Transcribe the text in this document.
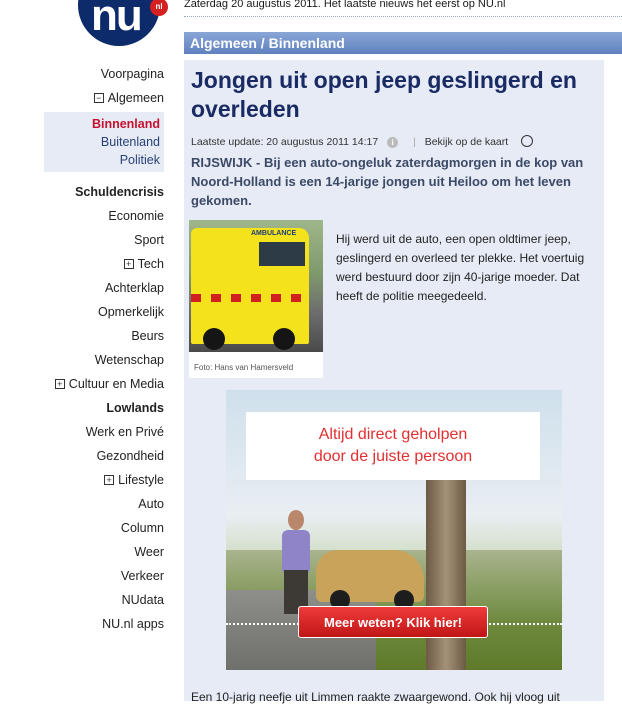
nu	nl	Zaterdag 20 augustus 2011. Het laatste nieuws het eerst op NU.nl
Voorpagina
− Algemeen
Binnenland
Buitenland
Politiek
Schuldencrisis
Economie
Sport
+ Tech
Achterklap
Opmerkelijk
Beurs
Wetenschap
+ Cultuur en Media
Lowlands
Werk en Privé
Gezondheid
+ Lifestyle
Auto
Column
Weer
Verkeer
NUdata
NU.nl apps
Algemeen / Binnenland
Jongen uit open jeep geslingerd en overleden
Laatste update: 20 augustus 2011 14:17 i | Bekijk op de kaart
RIJSWIJK - Bij een auto-ongeluk zaterdagmorgen in de kop van Noord-Holland is een 14-jarige jongen uit Heiloo om het leven gekomen.
AMBULANCE
Foto: Hans van Hamersveld
Hij werd uit de auto, een open oldtimer jeep, geslingerd en overleed ter plekke. Het voertuig werd bestuurd door zijn 40-jarige moeder. Dat heeft de politie meegedeeld.
Altijd direct geholpen
door de juiste persoon
Meer weten? Klik hier!
Een 10-jarig neefje uit Limmen raakte zwaargewond. Ook hij vloog uit
